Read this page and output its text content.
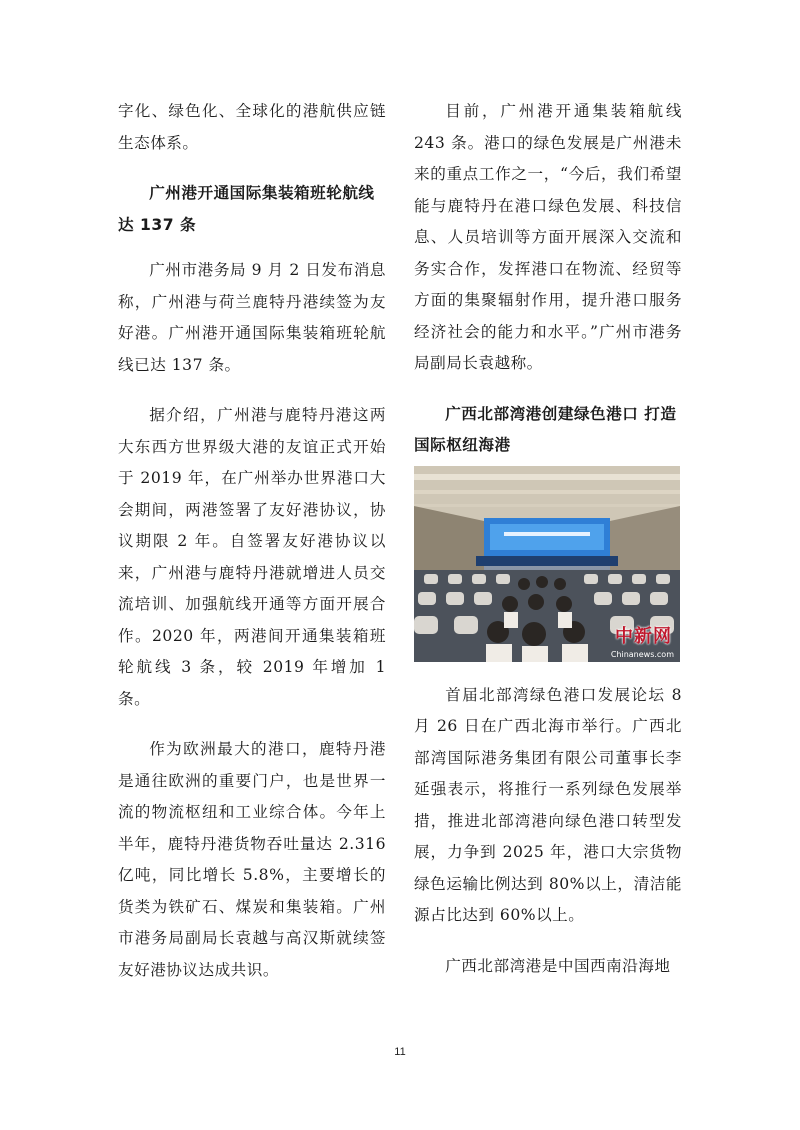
字化、绿色化、全球化的港航供应链生态体系。

广州港开通国际集装箱班轮航线达 137 条

广州市港务局 9 月 2 日发布消息称，广州港与荷兰鹿特丹港续签为友好港。广州港开通国际集装箱班轮航线已达 137 条。

据介绍，广州港与鹿特丹港这两大东西方世界级大港的友谊正式开始于 2019 年，在广州举办世界港口大会期间，两港签署了友好港协议，协议期限 2 年。自签署友好港协议以来，广州港与鹿特丹港就增进人员交流培训、加强航线开通等方面开展合作。2020 年，两港间开通集装箱班轮航线 3 条，较 2019 年增加 1 条。

作为欧洲最大的港口，鹿特丹港是通往欧洲的重要门户，也是世界一流的物流枢纽和工业综合体。今年上半年，鹿特丹港货物吞吐量达 2.316 亿吨，同比增长 5.8%，主要增长的货类为铁矿石、煤炭和集装箱。广州市港务局副局长袁越与高汉斯就续签友好港协议达成共识。

目前，广州港开通集装箱航线 243 条。港口的绿色发展是广州港未来的重点工作之一，“今后，我们希望能与鹿特丹在港口绿色发展、科技信息、人员培训等方面开展深入交流和务实合作，发挥港口在物流、经贸等方面的集聚辐射作用，提升港口服务经济社会的能力和水平。”广州市港务局副局长袁越称。

广西北部湾港创建绿色港口 打造国际枢纽海港
中新网
Chinanews.com

首届北部湾绿色港口发展论坛 8 月 26 日在广西北海市举行。广西北部湾国际港务集团有限公司董事长李延强表示，将推行一系列绿色发展举措，推进北部湾港向绿色港口转型发展，力争到 2025 年，港口大宗货物绿色运输比例达到 80%以上，清洁能源占比达到 60%以上。

广西北部湾港是中国西南沿海地

11
